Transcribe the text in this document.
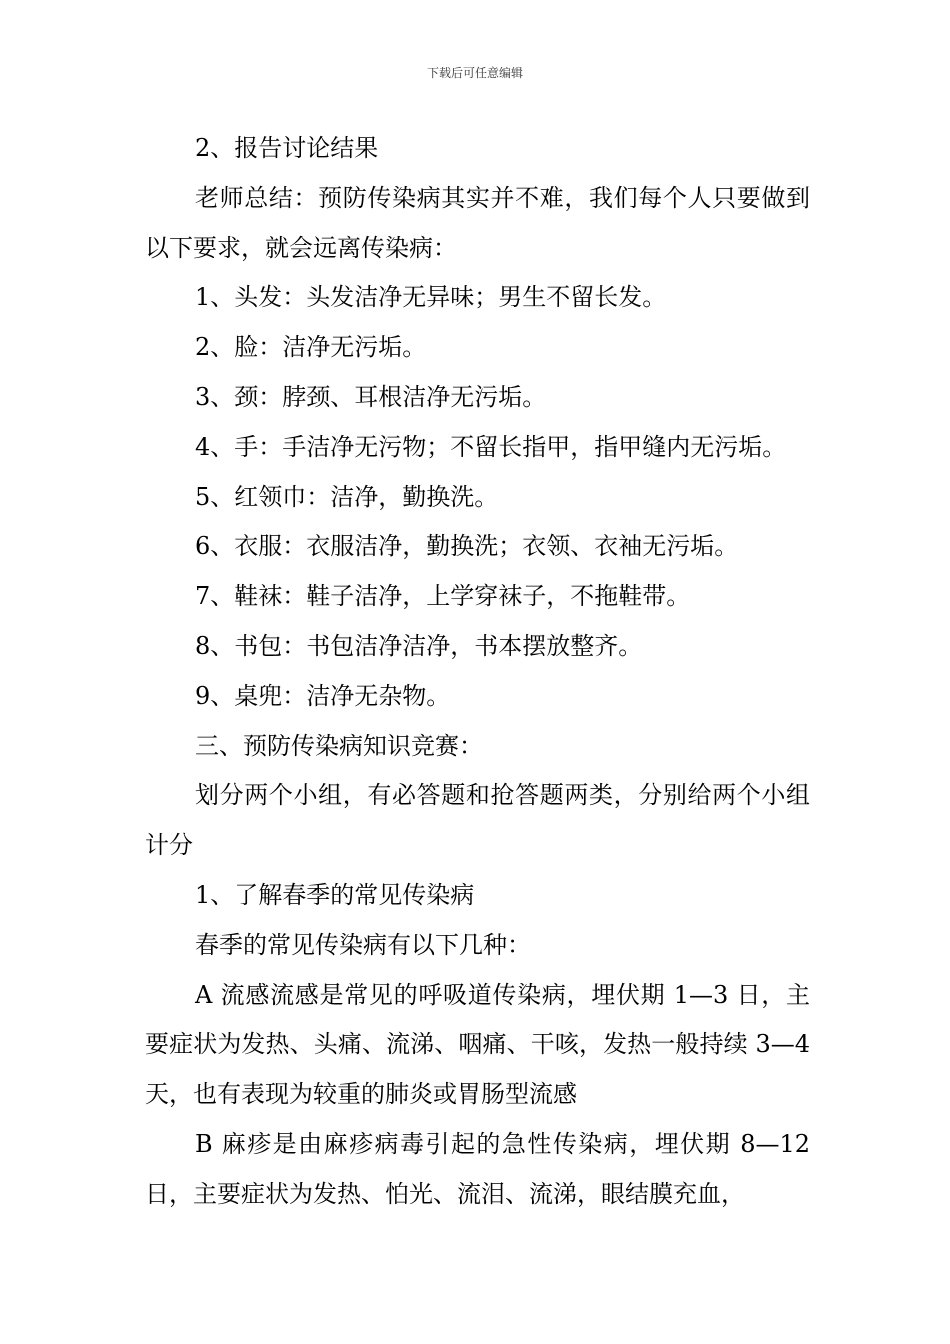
下载后可任意编辑
2、报告讨论结果
老师总结：预防传染病其实并不难，我们每个人只要做到以下要求，就会远离传染病：
1、头发：头发洁净无异味；男生不留长发。
2、脸：洁净无污垢。
3、颈：脖颈、耳根洁净无污垢。
4、手：手洁净无污物；不留长指甲，指甲缝内无污垢。
5、红领巾：洁净，勤换洗。
6、衣服：衣服洁净，勤换洗；衣领、衣袖无污垢。
7、鞋袜：鞋子洁净，上学穿袜子，不拖鞋带。
8、书包：书包洁净洁净，书本摆放整齐。
9、桌兜：洁净无杂物。
三、预防传染病知识竞赛：
划分两个小组，有必答题和抢答题两类，分别给两个小组计分
1、了解春季的常见传染病
春季的常见传染病有以下几种：
A 流感流感是常见的呼吸道传染病，埋伏期 1—3 日，主要症状为发热、头痛、流涕、咽痛、干咳，发热一般持续 3—4 天，也有表现为较重的肺炎或胃肠型流感
B 麻疹是由麻疹病毒引起的急性传染病，埋伏期 8—12 日，主要症状为发热、怕光、流泪、流涕，眼结膜充血，
